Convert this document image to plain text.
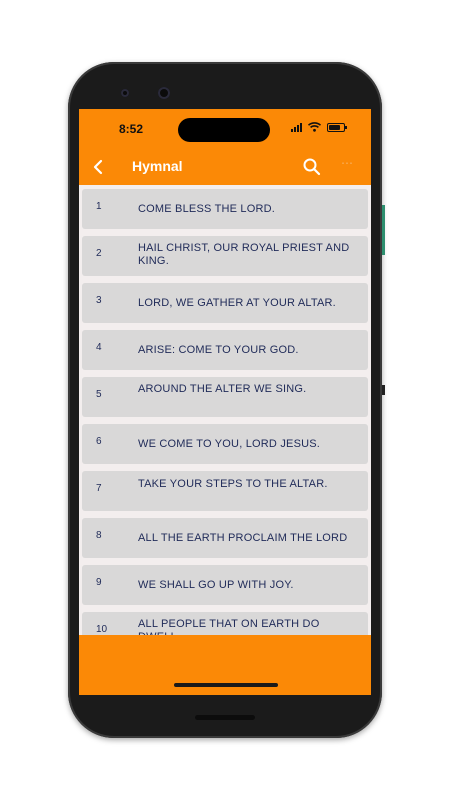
8:52
Hymnal	⋯
1	COME BLESS THE LORD.
2	HAIL CHRIST, OUR ROYAL PRIEST AND KING.
3	LORD, WE GATHER AT YOUR ALTAR.
4	ARISE: COME TO YOUR GOD.
5	AROUND THE ALTER WE SING.
6	WE COME TO YOU, LORD JESUS.
7	TAKE YOUR STEPS TO THE ALTAR.
8	ALL THE EARTH PROCLAIM THE LORD
9	WE SHALL GO UP WITH JOY.
10	ALL PEOPLE THAT ON EARTH DO
